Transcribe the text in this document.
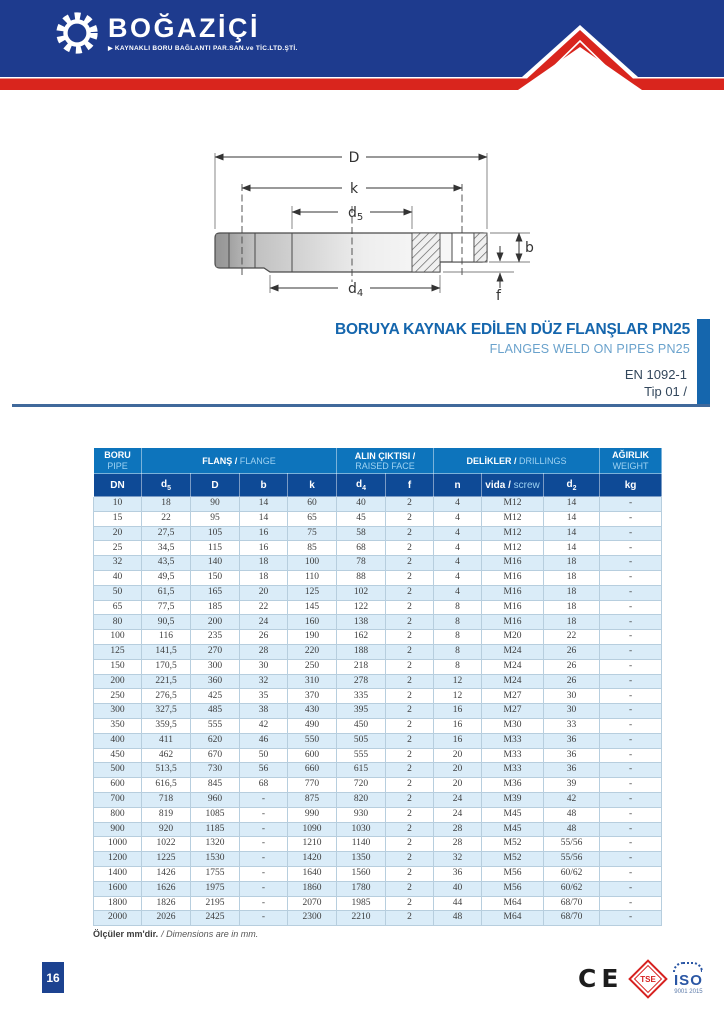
BOĞAZİÇİ
▶ KAYNAKLI BORU BAĞLANTI PAR.SAN.ve TİC.LTD.ŞTİ.
D
k
$d_5$
$d_4$
b
f
BORUYA KAYNAK EDİLEN DÜZ FLANŞLAR PN25
FLANGES WELD ON PIPES PN25
EN 1092-1
Tip 01 /
BORU
PIPE	FLANŞ / FLANGE	ALIN ÇIKTISI / RAISED FACE	DELİKLER / DRILLINGS	
AĞIRLIK
WEIGHT

DN	$d_5$	D	b	k	$d_4$	f	n	vida / screw	$d_2$	kg
10	18	90	14	60	40	2	4	M12	14	-
15	22	95	14	65	45	2	4	M12	14	-
20	27,5	105	16	75	58	2	4	M12	14	-
25	34,5	115	16	85	68	2	4	M12	14	-
32	43,5	140	18	100	78	2	4	M16	18	-
40	49,5	150	18	110	88	2	4	M16	18	-
50	61,5	165	20	125	102	2	4	M16	18	-
65	77,5	185	22	145	122	2	8	M16	18	-
80	90,5	200	24	160	138	2	8	M16	18	-
100	116	235	26	190	162	2	8	M20	22	-
125	141,5	270	28	220	188	2	8	M24	26	-
150	170,5	300	30	250	218	2	8	M24	26	-
200	221,5	360	32	310	278	2	12	M24	26	-
250	276,5	425	35	370	335	2	12	M27	30	-
300	327,5	485	38	430	395	2	16	M27	30	-
350	359,5	555	42	490	450	2	16	M30	33	-
400	411	620	46	550	505	2	16	M33	36	-
450	462	670	50	600	555	2	20	M33	36	-
500	513,5	730	56	660	615	2	20	M33	36	-
600	616,5	845	68	770	720	2	20	M36	39	-
700	718	960	-	875	820	2	24	M39	42	-
800	819	1085	-	990	930	2	24	M45	48	-
900	920	1185	-	1090	1030	2	28	M45	48	-
1000	1022	1320	-	1210	1140	2	28	M52	55/56	-
1200	1225	1530	-	1420	1350	2	32	M52	55/56	-
1400	1426	1755	-	1640	1560	2	36	M56	60/62	-
1600	1626	1975	-	1860	1780	2	40	M56	60/62	-
1800	1826	2195	-	2070	1985	2	44	M64	68/70	-
2000	2026	2425	-	2300	2210	2	48	M64	68/70	-
Ölçüler mm'dir. / Dimensions are in mm.
16	CE	TSE ISO
9001 2015
